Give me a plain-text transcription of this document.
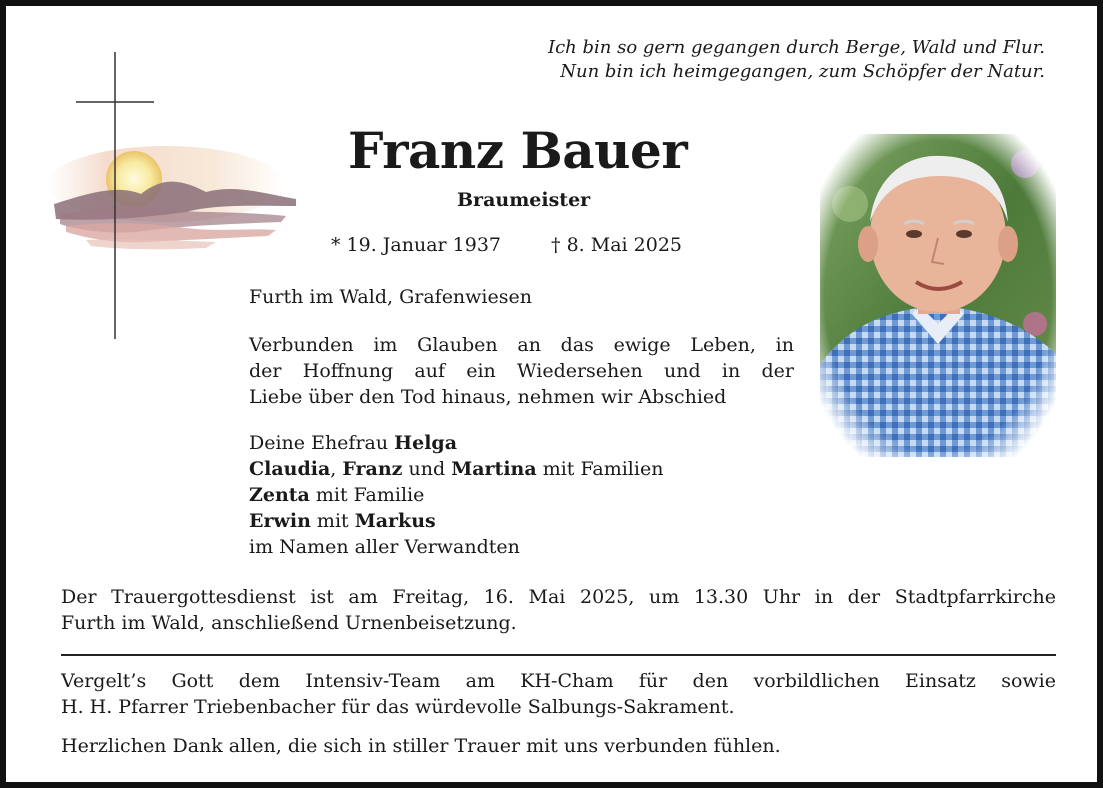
Ich bin so gern gegangen durch Berge, Wald und Flur.
Nun bin ich heimgegangen, zum Schöpfer der Natur.
Franz Bauer
Braumeister
* 19. Januar 1937	† 8. Mai 2025
Furth im Wald, Grafenwiesen
Verbunden im Glauben an das ewige Leben, in
der Hoffnung auf ein Wiedersehen und in der
Liebe über den Tod hinaus, nehmen wir Abschied
Deine Ehefrau Helga
Claudia, Franz und Martina mit Familien
Zenta mit Familie
Erwin mit Markus
im Namen aller Verwandten
Der Trauergottesdienst ist am Freitag, 16. Mai 2025, um 13.30 Uhr in der Stadtpfarrkirche
Furth im Wald, anschließend Urnenbeisetzung.
Vergelt’s Gott dem Intensiv-Team am KH-Cham für den vorbildlichen Einsatz sowie
H. H. Pfarrer Triebenbacher für das würdevolle Salbungs-Sakrament.
Herzlichen Dank allen, die sich in stiller Trauer mit uns verbunden fühlen.
